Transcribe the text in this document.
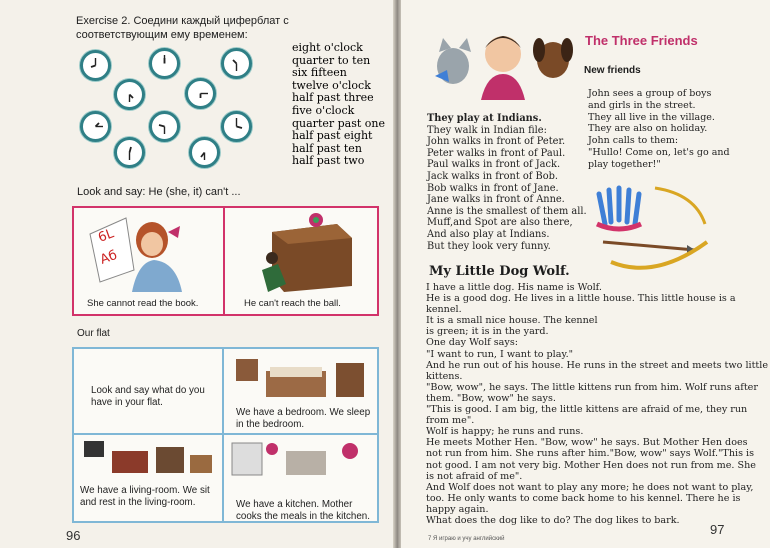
Exercise 2. Соедини каждый циферблат с соответствующим ему временем:
eight o'clock
quarter to ten
six fifteen
twelve o'clock
half past three
five o'clock
quarter past one
half past eight
half past ten
half past two
Look and say: He (she, it) can't ...
6L
Aб
She cannot read the book.	He can't reach the ball.
Our flat
Look and say what do you have in your flat.
We have a bedroom. We sleep in the bedroom.
We have a living-room. We sit and rest in the living-room.	We have a kitchen. Mother cooks the meals in the kitchen.
96
The Three Friends
New friends
John sees a group of boys
and girls in the street.
They all live in the village.
They are also on holiday.
John calls to them:
"Hullo! Come on, let's go and
play together!"
They play at Indians.
They walk in Indian file:
John walks in front of Peter.
Peter walks in front of Paul.
Paul walks in front of Jack.
Jack walks in front of Bob.
Bob walks in front of Jane.
Jane walks in front of Anne.
Anne is the smallest of them all.
Muff,and Spot are also there,
And also play at Indians.
But they look very funny.
My Little Dog Wolf.
I have a little dog. His name is Wolf.
He is a good dog. He lives in a little house. This little house is a
kennel.
It is a small nice house. The kennel
is green; it is in the yard.
One day Wolf says:
"I want to run, I want to play."
And he run out of his house. He runs in the street and meets two little
kittens.
"Bow, wow", he says. The little kittens run from him. Wolf runs after
them. "Bow, wow" he says.
"This is good. I am big, the little kittens are afraid of me, they run
from me".
Wolf is happy; he runs and runs.
He meets Mother Hen. "Bow, wow" he says. But Mother Hen does
not run from him. She runs after him."Bow, wow" says Wolf."This is
not good. I am not very big. Mother Hen does not run from me. She
is not afraid of me".
And Wolf does not want to play any more; he does not want to play,
too. He only wants to come back home to his kennel. There he is
happy again.
What does the dog like to do? The dog likes to bark.
7 Я играю и учу английский
97
